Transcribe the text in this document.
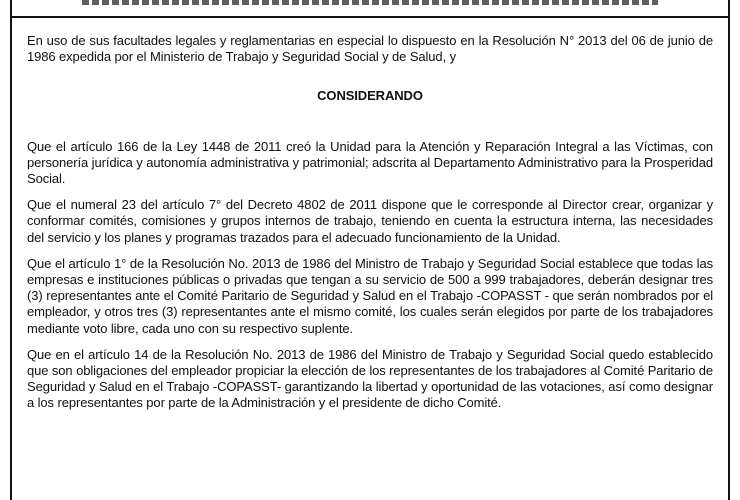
En uso de sus facultades legales y reglamentarias en especial lo dispuesto en la Resolución N° 2013 del 06 de junio de 1986 expedida por el Ministerio de Trabajo y Seguridad Social y de Salud, y

CONSIDERANDO

Que el artículo 166 de la Ley 1448 de 2011 creó la Unidad para la Atención y Reparación Integral a las Víctimas, con personería jurídica y autonomía administrativa y patrimonial; adscrita al Departamento Administrativo para la Prosperidad Social.

Que el numeral 23 del artículo 7° del Decreto 4802 de 2011 dispone que le corresponde al Director crear, organizar y conformar comités, comisiones y grupos internos de trabajo, teniendo en cuenta la estructura interna, las necesidades del servicio y los planes y programas trazados para el adecuado funcionamiento de la Unidad.

Que el artículo 1° de la Resolución No. 2013 de 1986 del Ministro de Trabajo y Seguridad Social establece que todas las empresas e instituciones públicas o privadas que tengan a su servicio de 500 a 999 trabajadores, deberán designar tres (3) representantes ante el Comité Paritario de Seguridad y Salud en el Trabajo -COPASST - que serán nombrados por el empleador, y otros tres (3) representantes ante el mismo comité, los cuales serán elegidos por parte de los trabajadores mediante voto libre, cada uno con su respectivo suplente.

Que en el artículo 14 de la Resolución No. 2013 de 1986 del Ministro de Trabajo y Seguridad Social quedo establecido que son obligaciones del empleador propiciar la elección de los representantes de los trabajadores al Comité Paritario de Seguridad y Salud en el Trabajo -COPASST- garantizando la libertad y oportunidad de las votaciones, así como designar a los representantes por parte de la Administración y el presidente de dicho Comité.
